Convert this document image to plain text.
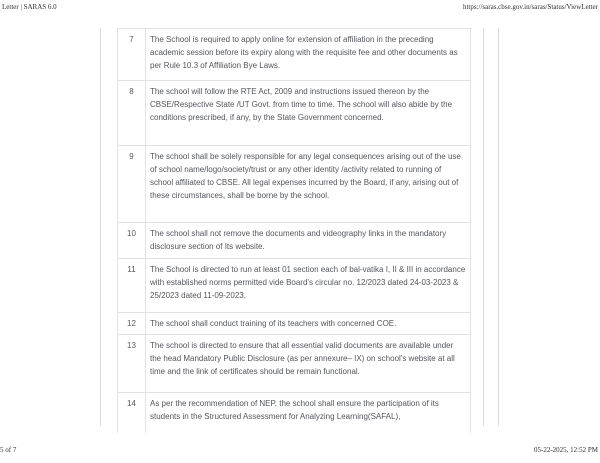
Letter | SARAS 6.0	https://saras.cbse.gov.in/saras/Status/ViewLetter
7	The School is required to apply online for extension of affiliation in the preceding academic session before its expiry along with the requisite fee and other documents as per Rule 10.3 of Affiliation Bye Laws.

8	The school will follow the RTE Act, 2009 and instructions issued thereon by the CBSE/Respective State /UT Govt. from time to time. The school will also abide by the conditions prescribed, if any, by the State Government concerned.

9	The school shall be solely responsible for any legal consequences arising out of the use of school name/logo/society/trust or any other identity /activity related to running of school affiliated to CBSE. All legal expenses incurred by the Board, if any, arising out of these circumstances, shall be borne by the school.

10	The school shall not remove the documents and videography links in the mandatory disclosure section of Its website.

11	The School is directed to run at least 01 section each of bal-vatika I, II & III in accordance with established norms permitted vide Board's circular no. 12/2023 dated 24-03-2023 & 25/2023 dated 11-09-2023.

12	The school shall conduct training of its teachers with concerned COE.

13	The school is directed to ensure that all essential valid documents are available under the head Mandatory Public Disclosure (as per annexure– IX) on school's website at all time and the link of certificates should be remain functional.

14	As per the recommendation of NEP, the school shall ensure the participation of its students in the Structured Assessment for Analyzing Learning(SAFAL),
5 of 7	05-22-2025, 12:52 PM
